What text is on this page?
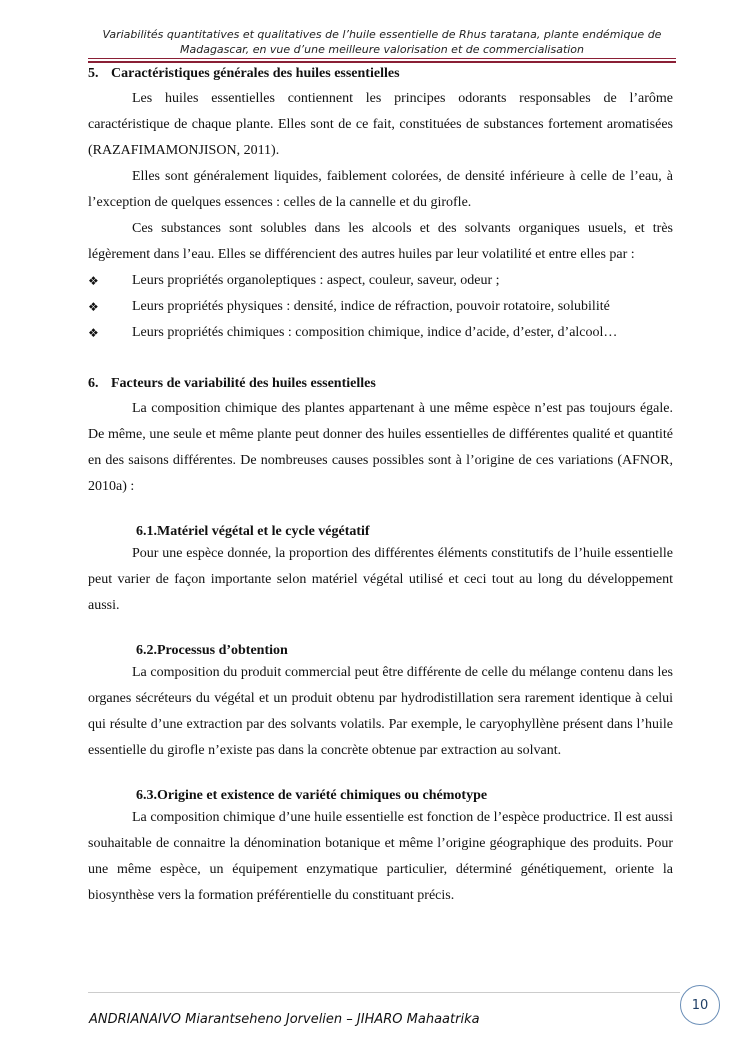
Variabilités quantitatives et qualitatives de l’huile essentielle de Rhus taratana, plante endémique de
Madagascar, en vue d’une meilleure valorisation et de commercialisation
5. Caractéristiques générales des huiles essentielles

Les huiles essentielles contiennent les principes odorants responsables de l’arôme caractéristique de chaque plante. Elles sont de ce fait, constituées de substances fortement aromatisées (RAZAFIMAMONJISON, 2011).

Elles sont généralement liquides, faiblement colorées, de densité inférieure à celle de l’eau, à l’exception de quelques essences : celles de la cannelle et du girofle.

Ces substances sont solubles dans les alcools et des solvants organiques usuels, et très légèrement dans l’eau. Elles se différencient des autres huiles par leur volatilité et entre elles par :

❖ Leurs propriétés organoleptiques : aspect, couleur, saveur, odeur ;
❖ Leurs propriétés physiques : densité, indice de réfraction, pouvoir rotatoire, solubilité
❖ Leurs propriétés chimiques : composition chimique, indice d’acide, d’ester, d’alcool…
6. Facteurs de variabilité des huiles essentielles

La composition chimique des plantes appartenant à une même espèce n’est pas toujours égale. De même, une seule et même plante peut donner des huiles essentielles de différentes qualité et quantité en des saisons différentes. De nombreuses causes possibles sont à l’origine de ces variations (AFNOR, 2010a) :

6.1.Matériel végétal et le cycle végétatif

Pour une espèce donnée, la proportion des différentes éléments constitutifs de l’huile essentielle peut varier de façon importante selon matériel végétal utilisé et ceci tout au long du développement aussi.

6.2.Processus d’obtention

La composition du produit commercial peut être différente de celle du mélange contenu dans les organes sécréteurs du végétal et un produit obtenu par hydrodistillation sera rarement identique à celui qui résulte d’une extraction par des solvants volatils. Par exemple, le caryophyllène présent dans l’huile essentielle du girofle n’existe pas dans la concrète obtenue par extraction au solvant.

6.3.Origine et existence de variété chimiques ou chémotype

La composition chimique d’une huile essentielle est fonction de l’espèce productrice. Il est aussi souhaitable de connaitre la dénomination botanique et même l’origine géographique des produits. Pour une même espèce, un équipement enzymatique particulier, déterminé génétiquement, oriente la biosynthèse vers la formation préférentielle du constituant précis.

ANDRIANAIVO Miarantseheno Jorvelien – JIHARO Mahaatrika
10
